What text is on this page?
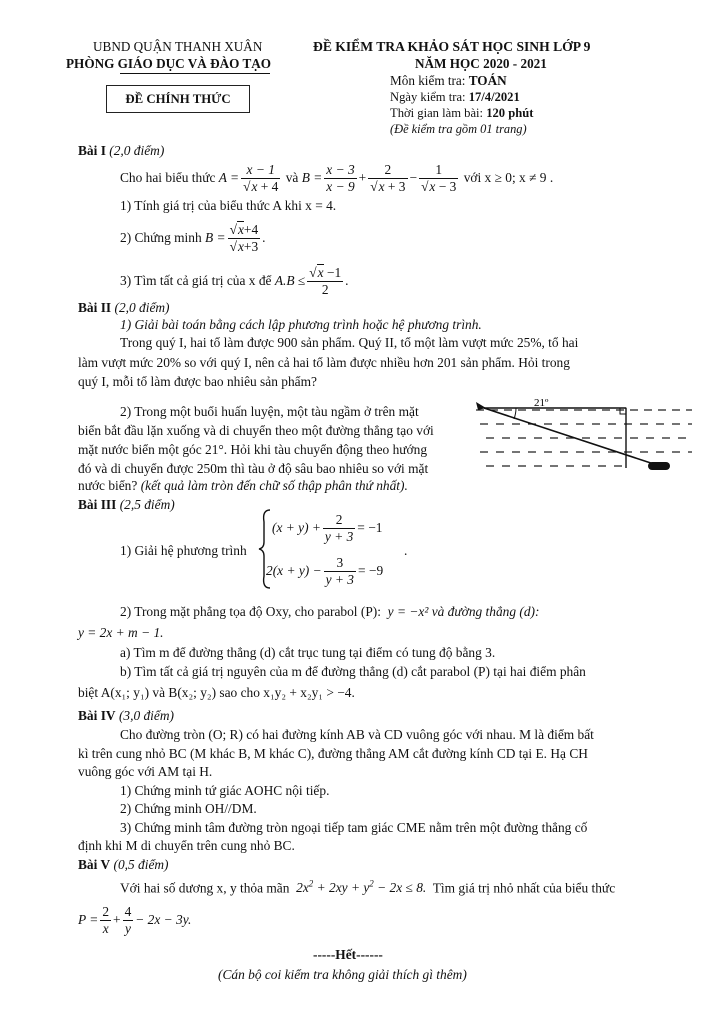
UBND QUẬN THANH XUÂN
PHÒNG GIÁO DỤC VÀ ĐÀO TẠO
ĐỀ CHÍNH THỨC
ĐỀ KIỂM TRA KHẢO SÁT HỌC SINH LỚP 9
NĂM HỌC 2020 - 2021
Môn kiểm tra: TOÁN
Ngày kiểm tra: 17/4/2021
Thời gian làm bài: 120 phút
(Đề kiểm tra gồm 01 trang)
Bài I (2,0 điểm)
Cho hai biểu thức
$A = \frac{x - 1}{√x + 4}$
và
$B = \frac{x - 3}{x - 9} + \frac{2}{√x + 3} - \frac{1}{√x - 3}$
với x ≥ 0; x ≠ 9 .
1) Tính giá trị của biểu thức A khi x = 4.
2) Chứng minh
$B = \frac{√x+4}{√x+3}$ .
3) Tìm tất cả giá trị của x để
$A.B \le \frac{√x -1}{2}$ .
Bài II (2,0 điểm)
1) Giải bài toán bằng cách lập phương trình hoặc hệ phương trình.
Trong quý I, hai tổ làm được 900 sản phẩm. Quý II, tổ một làm vượt mức 25%, tổ hai
làm vượt mức 20% so với quý I, nên cả hai tổ làm được nhiều hơn 201 sản phẩm. Hỏi trong
quý I, mỗi tổ làm được bao nhiêu sản phẩm?
2) Trong một buổi huấn luyện, một tàu ngầm ở trên mặt
biển bắt đầu lặn xuống và di chuyển theo một đường thẳng tạo với
mặt nước biển một góc 21°. Hỏi khi tàu chuyển động theo hướng
đó và di chuyển được 250m thì tàu ở độ sâu bao nhiêu so với mặt
nước biển? (kết quả làm tròn đến chữ số thập phân thứ nhất).
21º
Bài III (2,5 điểm)
1) Giải hệ phương trình
$(x + y) + \frac{2}{y + 3} = -1$
$2(x + y) - \frac{3}{y + 3} = -9$
.
2) Trong mặt phẳng tọa độ Oxy, cho parabol (P): y = −x² và đường thẳng (d):
y = 2x + m − 1.
a) Tìm m để đường thẳng (d) cắt trục tung tại điểm có tung độ bằng 3.
b) Tìm tất cả giá trị nguyên của m để đường thẳng (d) cắt parabol (P) tại hai điểm phân
biệt A(x₁; y₁) và B(x₂; y₂) sao cho x₁y₂ + x₂y₁ > −4.
Bài IV (3,0 điểm)
Cho đường tròn (O; R) có hai đường kính AB và CD vuông góc với nhau. M là điểm bất
kì trên cung nhỏ BC (M khác B, M khác C), đường thẳng AM cắt đường kính CD tại E. Hạ CH
vuông góc với AM tại H.
1) Chứng minh tứ giác AOHC nội tiếp.
2) Chứng minh OH//DM.
3) Chứng minh tâm đường tròn ngoại tiếp tam giác CME nằm trên một đường thẳng cố
định khi M di chuyển trên cung nhỏ BC.
Bài V (0,5 điểm)
Với hai số dương x, y thỏa mãn $2x^2 + 2xy + y^2 - 2x \le 8$. Tìm giá trị nhỏ nhất của biểu thức
$P = \frac{2}{x} + \frac{4}{y} - 2x - 3y$.
-----Hết------
(Cán bộ coi kiểm tra không giải thích gì thêm)
